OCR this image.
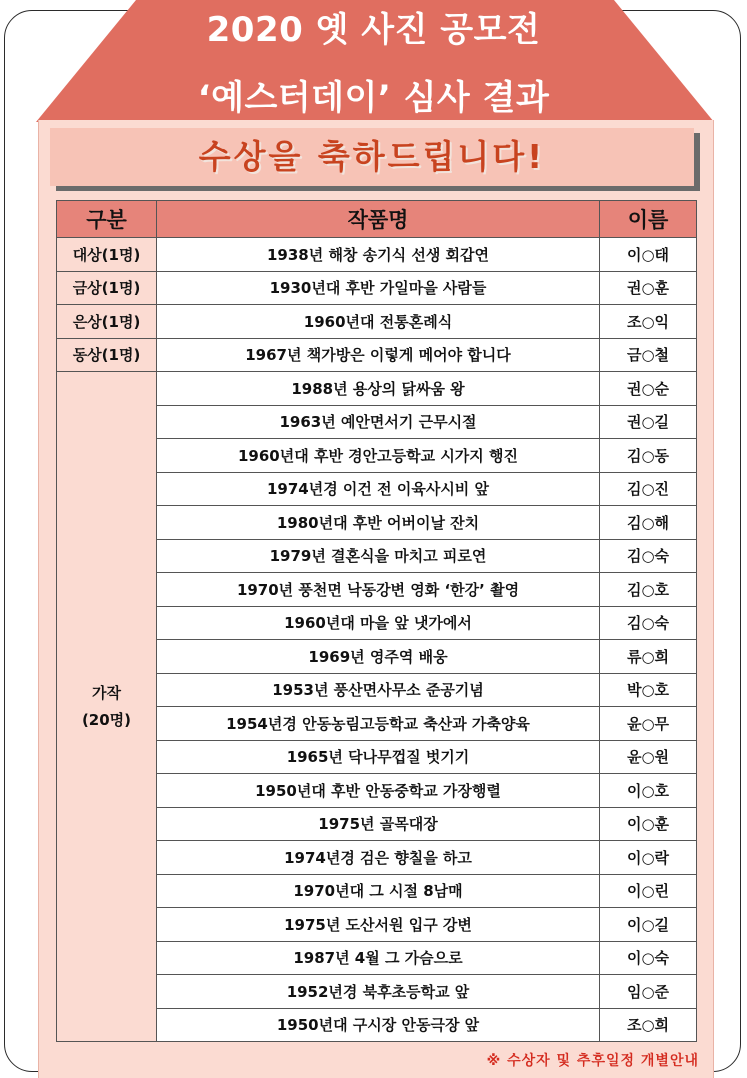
2020 옛 사진 공모전
‘예스터데이’ 심사 결과
수상을 축하드립니다!
구분	작품명	이름
대상(1명)	1938년 해창 송기식 선생 회갑연	이○태
금상(1명)	1930년대 후반 가일마을 사람들	권○훈
은상(1명)	1960년대 전통혼례식	조○익
동상(1명)	1967년 책가방은 이렇게 메어야 합니다	금○철

가작
(20명)	1988년 용상의 닭싸움 왕	권○순
	1963년 예안면서기 근무시절	권○길
	1960년대 후반 경안고등학교 시가지 행진	김○동
	1974년경 이건 전 이육사시비 앞	김○진
	1980년대 후반 어버이날 잔치	김○해
	1979년 결혼식을 마치고 피로연	김○숙
	1970년 풍천면 낙동강변 영화 ‘한강’ 촬영	김○호
	1960년대 마을 앞 냇가에서	김○숙
	1969년 영주역 배웅	류○희
	1953년 풍산면사무소 준공기념	박○호
	1954년경 안동농림고등학교 축산과 가축양육	윤○무
	1965년 닥나무껍질 벗기기	윤○원
	1950년대 후반 안동중학교 가장행렬	이○호
	1975년 골목대장	이○훈
	1974년경 검은 향칠을 하고	이○락
	1970년대 그 시절 8남매	이○린
	1975년 도산서원 입구 강변	이○길
	1987년 4월 그 가슴으로	이○숙
	1952년경 북후초등학교 앞	임○준
	1950년대 구시장 안동극장 앞	조○희
※ 수상자 및 추후일정 개별안내
